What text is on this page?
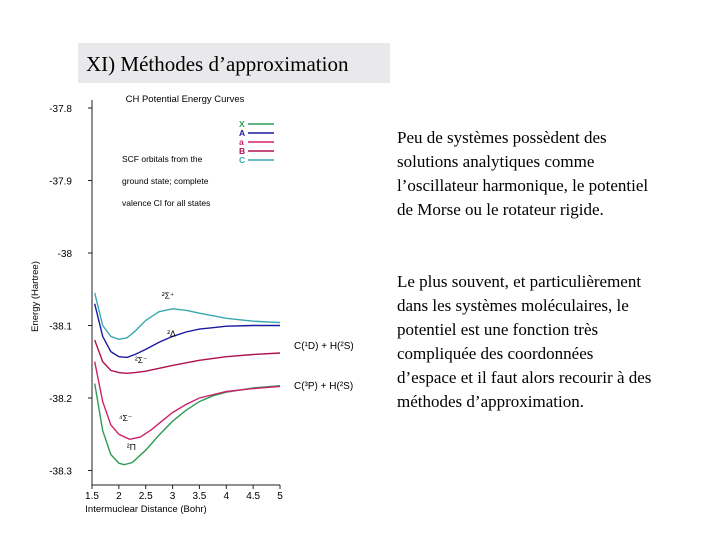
XI) Méthodes d’approximation
-37.8
-37.9
-38
-38.1
-38.2
-38.3
1.5 2 2.5 3 3.5 4 4.5 5
Intermuclear Distance (Bohr)
Energy (Hartree)
CH Potential Energy Curves
SCF orbitals from the
ground state; complete
valence CI for all states
²Π
²Δ
⁴Σ⁻
²Σ⁻
²Σ⁺
X
A
a
B
C
C(¹D) + H(²S)
C(³P) + H(²S)
Peu de systèmes possèdent des solutions analytiques comme l’oscillateur harmonique, le potentiel de Morse ou le rotateur rigide.
Le plus souvent, et particulièrement dans les systèmes moléculaires, le potentiel est une fonction très compliquée des coordonnées d’espace et il faut alors recourir à des méthodes d’approximation.
